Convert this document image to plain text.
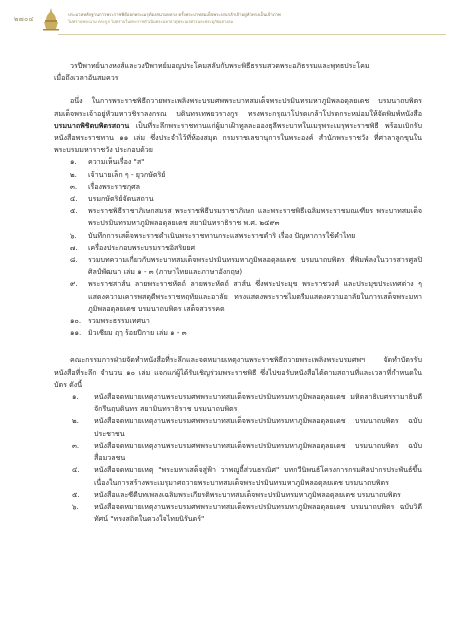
๒๗๐๔	ประมวลหลักฐานการพระราชพิธีออกพระเมรุท้องสนามหลวง ครั้งพระบาทสมเด็จพระปกเกล้าเจ้าอยู่หัวทรงเป็นเจ้าภาพ
ไม่ทราบพระนาม ตระกูล ไม่ทราบในพระราชดำเนินพระมหาธาตุพระนเรศวรและพระอุภัยอย่างลม

วรปีพาทย์นางหงส์และวงปีพาทย์มอญประโคมสลับกับพระพิธีธรรมสวดพระอภิธรรมและพุทธประโคม

เมื่อถึงเวลาอันสมควร

อนึ่ง ในการพระราชพิธีถวายพระเพลิงพระบรมศพพระบาทสมเด็จพระปรมินทรมหาภูมิพลอดุลยเดช บรมนาถบพิตร สมเด็จพระเจ้าอยู่หัวมหาวชิราลงกรณ บดินทรเทพยวรางกูร ทรงพระกรุณาโปรดเกล้าโปรดกระหม่อมให้จัดพิมพ์หนังสือ บรมนาถพิชิตบพิตรสถาน เป็นที่ระลึกพระราชทานแก่ผู้มาเฝ้าทูลละอองธุลีพระบาทในเมรุพระเมรุพระราชพิธี พร้อมเบิกรับหนังสือพระราชทาน ๑๑ เล่ม ซึ่งประจำไว้ที่ห้องสมุด กรมราชเลขานุการในพระองค์ สำนักพระราชวัง ที่ศาลาลูกขุนในพระบรมมหาราชวัง ประกอบด้วย

๑. ความเห็นเรื่อง "ส"
๒. เจ้านายเล็ก ๆ - ยุวกษัตริย์
๓. เรื่องพระราชกุศล
๔. บรมกษัตริย์จัดนสถาน
๕. พระราชพิธีราชาภิเษกสมรส พระราชพิธีบรมราชาภิเษก และพระราชพิธีเฉลิมพระราชมณเฑียร พระบาทสมเด็จพระปรมินทรมหาภูมิพลอดุลยเดช สยามินทราธิราช พ.ศ. ๒๔๙๓
๖. บันทึกการเสด็จพระราชดำเนินพระราชทานกระแสพระราชดำริ เรื่อง ปัญหาการใช้คำไทย
๗. เครื่องประกอบพระบรมราชอิสริยยศ
๘. รวมบทความเกี่ยวกับพระบาทสมเด็จพระปรมินทรมหาภูมิพลอดุลยเดช บรมนาถบพิตร ที่พิมพ์ลงในวารสารศูลปิศิลป์พัฒนา เล่ม ๑ - ๓ (ภาษาไทยและภาษาอังกฤษ)
๙. พระราชสาส์น ลายพระราชหัตถ์ ลายพระหัตถ์ สาส์น ซึ่งพระประมุข พระราชวงศ์ และประมุขประเทศต่าง ๆ แสดงความเคารพสดุดีพระราชหฤทัยและอาลัย ทรงแสดงพระราชไมตรีมแสดงความอาลัยในการเสด็จพระมหาภูมิพลอดุลยเดช บรมนาถบพิตร เสด็จสวรรคต
๑๐. รวมพระธรรมเทศนา
๑๑. มิวเซียม ฤๅ ร้อยปีกาย เล่ม ๑ - ๓

คณะกรรมการฝ่ายจัดทำหนังสือที่ระลึกและจดหมายเหตุงานพระราชพิธีถวายพระเพลิงพระบรมศพฯ จัดทำบัตรรับหนังสือที่ระลึก จำนวน ๑๐ เล่ม แจกแก่ผู้ได้รับเชิญร่วมพระราชพิธี ซึ่งไปขอรับหนังสือได้ตามสถานที่และเวลาที่กำหนดในบัตร ดังนี้

๑. หนังสือจดหมายเหตุงานพระบรมศพพระบาทสมเด็จพระปรมินทรมหาภูมิพลอดุลยเดช มหิตลาธิเบศรรามาธิบดี จักรีนฤบดินทร สยามินทราธิราช บรมนาถบพิตร
๒. หนังสือจดหมายเหตุงานพระบรมศพพระบาทสมเด็จพระปรมินทรมหาภูมิพลอดุลยเดช บรมนาถบพิตร ฉบับประชาชน
๓. หนังสือจดหมายเหตุงานพระบรมศพพระบาทสมเด็จพระปรมินทรมหาภูมิพลอดุลยเดช บรมนาถบพิตร ฉบับสื่อมวลชน
๔. หนังสือจดหมายเหตุ "พระมหาเสด็จสู่ฟ้า วาพญูถี้ส่วนธรณิศ" บทกวีนิพนธ์โครงการกรมศิลปากรประพันธ์ขึ้นเนื่องในการสร้างพระเมรุมาศถวายพระบาทสมเด็จพระปรมินทรมหาภูมิพลอดุลยเดช บรมนาถบพิตร
๕. หนังสือและซีดีบทเพลงเฉลิมพระเกียรติพระบาทสมเด็จพระปรมินทรมหาภูมิพลอดุลยเดช บรมนาถบพิตร
๖. หนังสือจดหมายเหตุงานพระบรมศพพระบาทสมเด็จพระปรมินทรมหาภูมิพลอดุลยเดช บรมนาถบพิตร ฉบับวิดีทัศน์ "ทรงสถิตในดวงใจไทยนิรันดร์"
